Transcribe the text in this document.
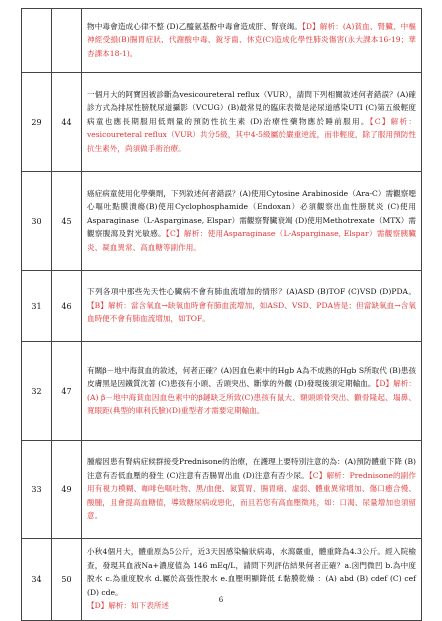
		物中毒會造成心律不整 (D)乙醯氨基酚中毒會造成肝、腎衰竭。【D】解析：(A)貧血、腎臟、中樞神經受損(B)腸胃症狀、代謝酸中毒、銳牙齒、休克(C)造成化學性肺炎傷害(永大課本16-19；華杏課本18-1)。
29	44	一個月大的阿寶因被診斷為vesicoureteral reflux（VUR），請問下列相關敘述何者錯誤？(A)確診方式為排尿性膀胱尿道攝影（VCUG）(B)最常見的臨床表徵是泌尿道感染UTI (C)第五級輕度病童也應長期服用低劑量的預防性抗生素 (D)治療性藥物應於睡前服用。【C】解析：vesicoureteral reflux（VUR）共分5級，其中4-5級屬於嚴重逆流，而非輕度，除了服用預防性抗生素外，尚須做手術治療。
30	45	癌症病童使用化學藥劑，下列敘述何者錯誤？(A)使用Cytosine Arabinoside（Ara-C）需觀察噁心嘔吐點膜潰瘍(B)使用Cyclophosphamide（Endoxan）必須觀察出血性膀胱炎 (C)使用Asparaginase（L-Asparginase, Elspar）需觀察腎臟衰竭 (D)使用Methotrexate（MTX）需觀察腹瀉及對光敏感。【C】解析：使用Asparaginase（L-Asparginase, Elspar）需觀察胰臟炎、凝血異常、高血糖等副作用。
31	46	下列各項中那些先天性心臟病不會有肺血流增加的情形？(A)ASD (B)TOF (C)VSD (D)PDA。【B】解析：當含氧血→缺氧血時會有肺血流增加，如ASD、VSD、PDA皆是；但當缺氧血→含氧血時便不會有肺血流增加，如TOF。
32	47	有關β－地中海貧血的敘述，何者正確？(A)因血色素中的Hgb A為不成熟的Hgb S所取代 (B)患孩皮膚黑是因鐵質沈著 (C)患孩有小頭、舌頭突出、斷掌的外觀 (D)發現後須定期輸血。【D】解析：(A) β－地中海貧血因血色素中的β鏈缺乏所致(C)患孩有鼠大、額頭頭骨突出、顴骨隆起、塌鼻、寬眼距(典型的庫利氏臉)(D)重型者才需要定期輸血。
33	49	腫瘤因患有腎病症候群接受Prednisone的治療，在護理上要特別注意的為：(A)預防體重下降 (B)注意有否低血壓的發生 (C)注意有否腸胃出血 (D)注意有否少尿。【C】解析：Prednisone的副作用有視力模糊、咖啡色嘔吐物、黑/血便、氮質胃、腸胃痛、虛弱、體重異常增加、傷口癒合慢、酸腫，且會提高血糖值，導致糖尿病或惡化，而且若您有高血壓徵兆，如：口渴、尿量增加也須留意。
34	50	小秋4個月大，體重原為5公斤，近3天因感染輪狀病毒，水瀉嚴重，體重降為4.3公斤。經入院檢查，發現其血液Na+濃度值為 146 mEq/L，請問下列評估結果何者正確？a.囟門微凹 b.為中度脫水 c.為重度脫水 d.屬於高張性脫水 e.血壓明顯降低 f.黏膜乾燥 ：(A) abd (B) cdef (C) cef (D) cde。
【D】解析：如下表所述
6
